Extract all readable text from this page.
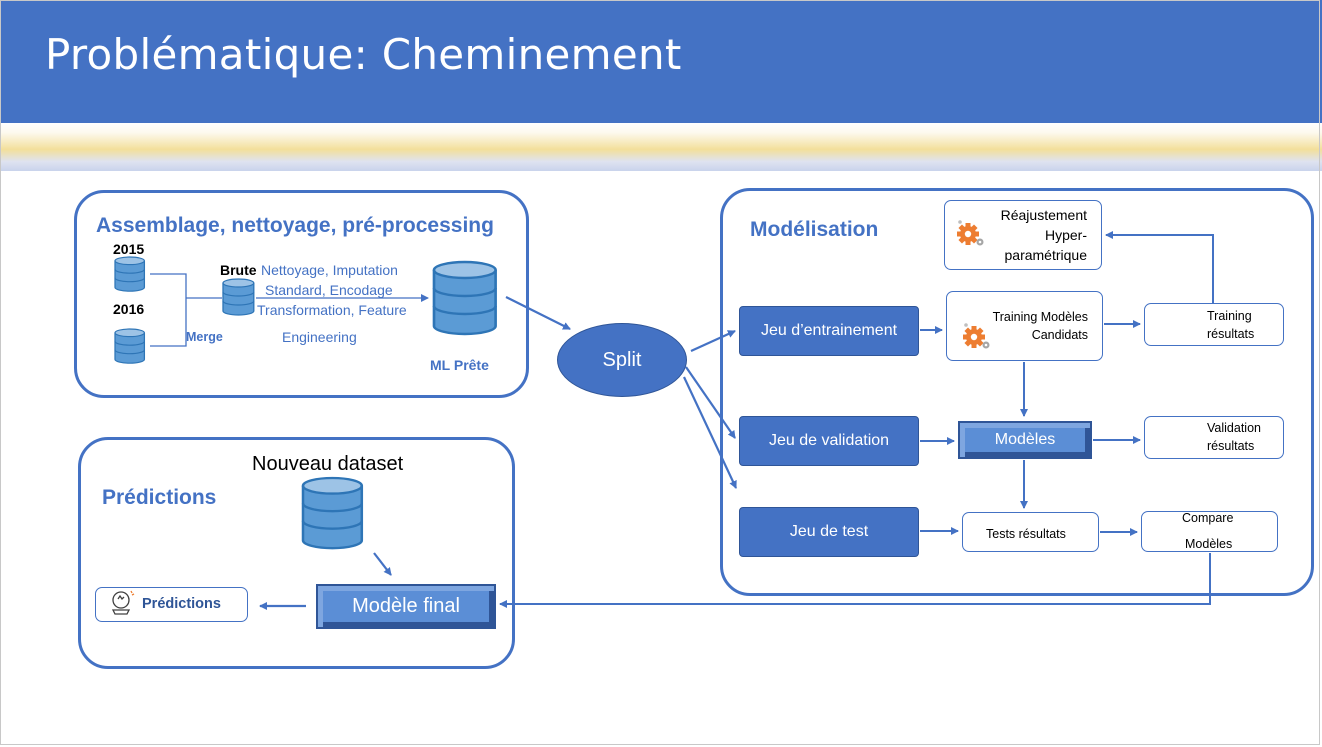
Problématique: Cheminement
Assemblage, nettoyage, pré-processing
2015
2016
Merge
Brute Nettoyage, Imputation
Standard, Encodage
Transformation, Feature
Engineering
ML Prête	Split
Modélisation
Réajustement
Hyper-
paramétrique
Jeu d’entrainement
Jeu de validation
Jeu de test
Training Modèles
Candidats
Training
résultats
Modèles
Validation
résultats
Tests résultats
Compare
Modèles
Prédictions
Nouveau dataset
Modèle final
Prédictions
